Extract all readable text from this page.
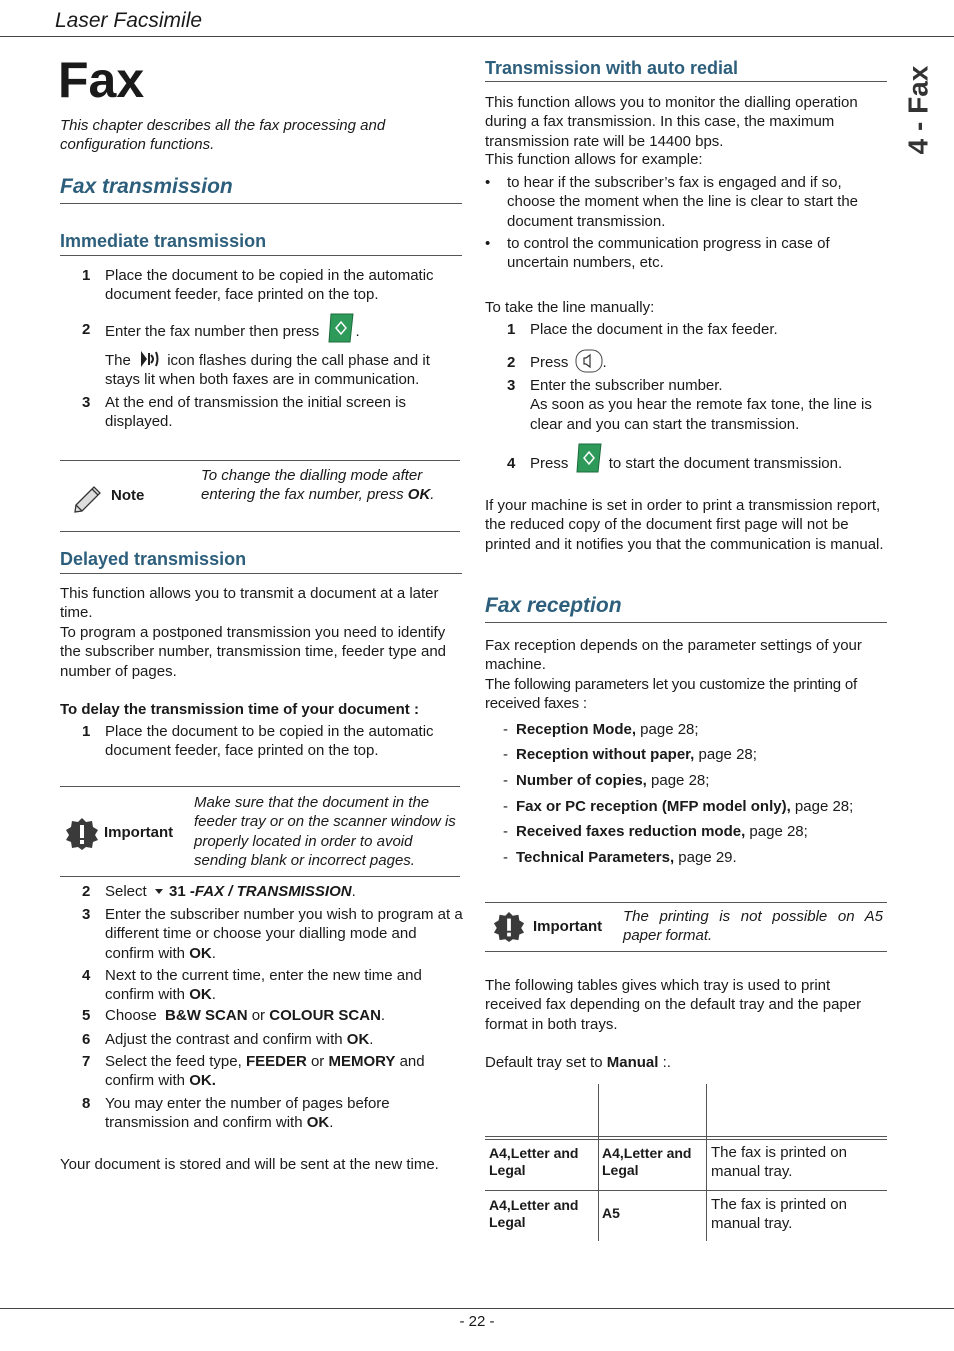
Laser Facsimile
4 - Fax
Fax
This chapter describes all the fax processing and configuration functions.
Fax transmission
Immediate transmission
1 Place the document to be copied in the automatic document feeder, face printed on the top.
2 Enter the fax number then press .
The icon flashes during the call phase and it stays lit when both faxes are in communication.
3 At the end of transmission the initial screen is displayed.
Note
To change the dialling mode after entering the fax number, press OK.
Delayed transmission
This function allows you to transmit a document at a later time.
To program a postponed transmission you need to identify the subscriber number, transmission time, feeder type and number of pages.
To delay the transmission time of your document :
1 Place the document to be copied in the automatic document feeder, face printed on the top.
Important
Make sure that the document in the feeder tray or on the scanner window is properly located in order to avoid sending blank or incorrect pages.
2 Select 31 -FAX / TRANSMISSION.
3 Enter the subscriber number you wish to program at a different time or choose your dialling mode and confirm with OK.
4 Next to the current time, enter the new time and confirm with OK.
5 Choose B&W SCAN or COLOUR SCAN.
6 Adjust the contrast and confirm with OK.
7 Select the feed type, FEEDER or MEMORY and confirm with OK.
8 You may enter the number of pages before transmission and confirm with OK.
Your document is stored and will be sent at the new time.
Transmission with auto redial
This function allows you to monitor the dialling operation during a fax transmission. In this case, the maximum transmission rate will be 14400 bps.
This function allows for example:
• to hear if the subscriber’s fax is engaged and if so, choose the moment when the line is clear to start the document transmission.
• to control the communication progress in case of uncertain numbers, etc.
To take the line manually:
1 Place the document in the fax feeder.
2 Press .
3 Enter the subscriber number.
As soon as you hear the remote fax tone, the line is clear and you can start the transmission.
4 Press	to start the document transmission.
If your machine is set in order to print a transmission report, the reduced copy of the document first page will not be printed and it notifies you that the communication is manual.
Fax reception
Fax reception depends on the parameter settings of your machine.
The following parameters let you customize the printing of received faxes :
- Reception Mode, page 28;
- Reception without paper, page 28;
- Number of copies, page 28;
- Fax or PC reception (MFP model only), page 28;
- Received faxes reduction mode, page 28;
- Technical Parameters, page 29.
Important
The printing is not possible on A5 paper format.
The following tables gives which tray is used to print received fax depending on the default tray and the paper format in both trays.
Default tray set to Manual :.
A4,Letter and Legal
A4,Letter and Legal
The fax is printed on manual tray.
A4,Letter and Legal
A5	The fax is printed on manual tray.
- 22 -
